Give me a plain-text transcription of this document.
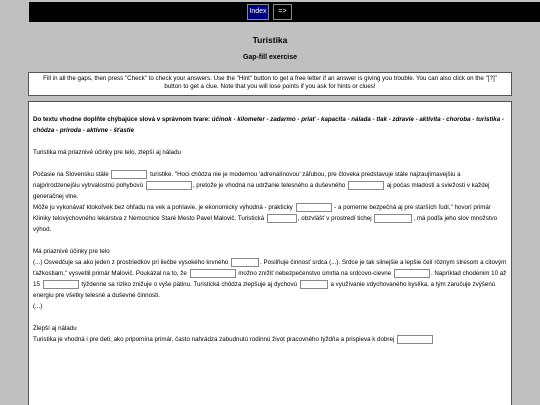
Index	=>
Turistika
Gap-fill exercise
Fill in all the gaps, then press "Check" to check your answers. Use the "Hint" button to get a free letter if an answer is giving you trouble. You can also click on the "[?]" button to get a clue. Note that you will lose points if you ask for hints or clues!

Do textu vhodne doplňte chýbajúce slová v správnom tvare: účinok - kilometer - zadarmo - priať - kapacita - nálada - tlak - zdravie - aktivita - choroba - turistika - chôdza - príroda - aktívne - šťastie

Turistika má priaznivé účinky pre telo, zlepší aj náladu

Počasie na Slovensku stále	turistike. "Hoci chôdza nie je modernou 'adrenalínovou' záľubou, pre človeka predstavuje stále najzaujímavejšiu a najprirodzenejšiu vytrvalostnú pohybovú	, pretože je vhodná na udržanie telesného a duševného	aj počas mladosti a sviežosti v každej generačnej vlne.

Môže ju vykonávať ktokoľvek bez ohľadu na vek a pohlavie, je ekonomicky výhodná - prakticky	- a pomerne bezpečná aj pre starších ľudí," hovorí primár Kliniky telovýchovného lekárstva z Nemocnice Staré Mesto Pavel Malovič. Turistická	, obzvlášť v prostredí tichej	, má podľa jeho slov množstvo výhod.

Má priaznivé účinky pre telo

(...) Osvedčuje sa ako jeden z prostriedkov pri liečbe vysokého krvného	. Posilňuje činnosť srdca (...). Srdce je tak silnejšie a lepšie čelí rôznym stresom a citovým ťažkostiam," vysvetlil primár Malovič. Poukázal na to, že	možno znížiť nebezpečenstvo úmrtia na srdcovo-cievne	. Napríklad chodenim 10 až 15	týždenne sa riziko znižuje o vyše pätinu. Turistická chôdza zlepšuje aj dychovú	a využívanie vdychovaného kyslíka, a tým zaručuje zvýšenú energiu pre všetky telesné a duševné činnosti.

(...)

Zlepší aj náladu

Turistika je vhodná i pre deti, ako pripomína primár, často nahrádza zabudnutú rodinnú život pracovného týždňa a prispieva k dobrej
